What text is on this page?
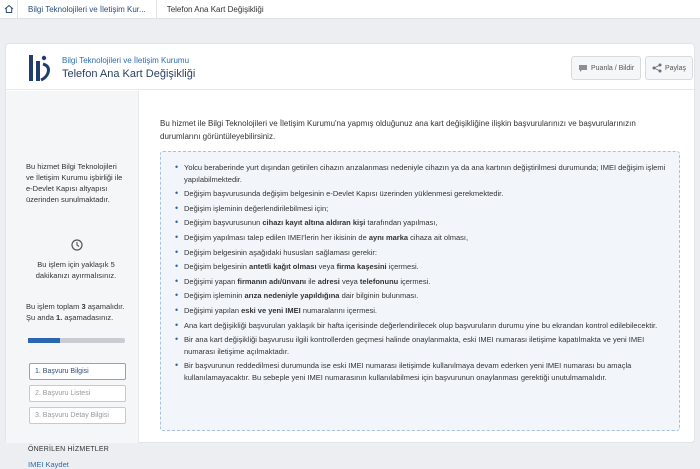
Bilgi Teknolojileri ve İletişim Kur...	Telefon Ana Kart Değişikliği
Bilgi Teknolojileri ve İletişim Kurumu
Telefon Ana Kart Değişikliği	Puanla / Bildir	Paylaş
Bu hizmet Bilgi Teknolojileri ve İletişim Kurumu işbirliği ile e-Devlet Kapısı altyapısı üzerinden sunulmaktadır.
Bu işlem için yaklaşık 5 dakikanızı ayırmalısınız.
Bu işlem toplam 3 aşamalıdır. Şu anda 1. aşamadasınız.
1. Başvuru Bilgisi
2. Başvuru Listesi
3. Başvuru Detay Bilgisi
ÖNERİLEN HİZMETLER
IMEI Kaydet
Bu hizmet ile Bilgi Teknolojileri ve İletişim Kurumu'na yapmış olduğunuz ana kart değişikliğine ilişkin başvurularınızı ve başvurularınızın durumlarını görüntüleyebilirsiniz.
• Yolcu beraberinde yurt dışından getirilen cihazın arızalanması nedeniyle cihazın ya da ana kartının değiştirilmesi durumunda; IMEI değişim işlemi yapılabilmektedir.
• Değişim başvurusunda değişim belgesinin e-Devlet Kapısı üzerinden yüklenmesi gerekmektedir.
• Değişim işleminin değerlendirilebilmesi için;
• Değişim başvurusunun cihazı kayıt altına aldıran kişi tarafından yapılması,
• Değişim yapılması talep edilen IMEI'lerin her ikisinin de aynı marka cihaza ait olması,
• Değişim belgesinin aşağıdaki hususları sağlaması gerekir:
• Değişim belgesinin antetli kağıt olması veya firma kaşesini içermesi.
• Değişimi yapan firmanın adı/ünvanı ile adresi veya telefonunu içermesi.
• Değişim işleminin arıza nedeniyle yapıldığına dair bilginin bulunması.
• Değişimi yapılan eski ve yeni IMEI numaralarını içermesi.
• Ana kart değişikliği başvuruları yaklaşık bir hafta içerisinde değerlendirilecek olup başvuruların durumu yine bu ekrandan kontrol edilebilecektir.
• Bir ana kart değişikliği başvurusu ilgili kontrollerden geçmesi halinde onaylanmakta, eski IMEI numarası iletişime kapatılmakta ve yeni IMEI numarası iletişime açılmaktadır.
• Bir başvurunun reddedilmesi durumunda ise eski IMEI numarası iletişimde kullanılmaya devam ederken yeni IMEI numarası bu amaçla kullanılamayacaktır. Bu sebeple yeni IMEI numarasının kullanılabilmesi için başvurunun onaylanması gerektiği unutulmamalıdır.
